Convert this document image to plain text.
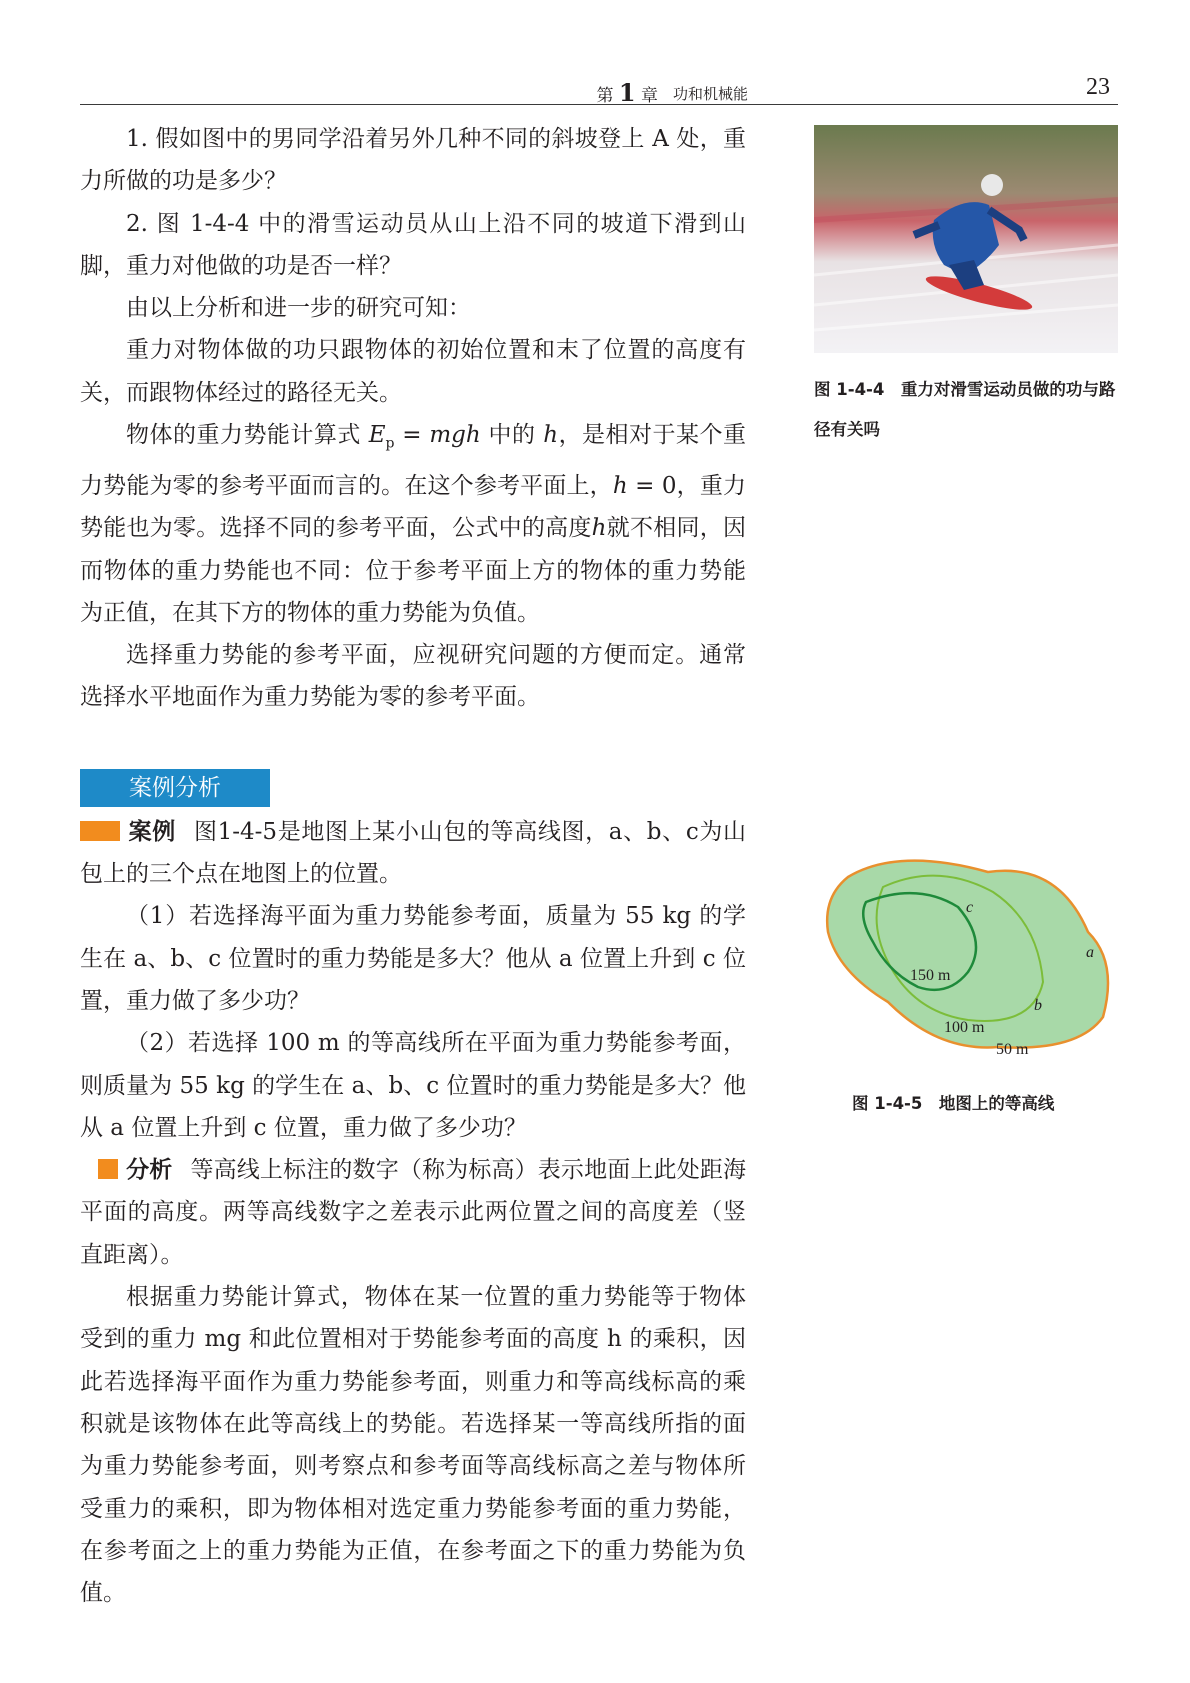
第 1 章 功和机械能	23

1. 假如图中的男同学沿着另外几种不同的斜坡登上 A 处，重力所做的功是多少？

2. 图 1-4-4 中的滑雪运动员从山上沿不同的坡道下滑到山脚，重力对他做的功是否一样？

由以上分析和进一步的研究可知：

重力对物体做的功只跟物体的初始位置和末了位置的高度有关，而跟物体经过的路径无关。

物体的重力势能计算式 $E_p$ = mgh 中的 h，是相对于某个重力势能为零的参考平面而言的。在这个参考平面上，h = 0，重力势能也为零。选择不同的参考平面，公式中的高度h就不相同，因而物体的重力势能也不同：位于参考平面上方的物体的重力势能为正值，在其下方的物体的重力势能为负值。

选择重力势能的参考平面，应视研究问题的方便而定。通常选择水平地面作为重力势能为零的参考平面。

案例分析

案例 图1-4-5是地图上某小山包的等高线图，a、b、c为山包上的三个点在地图上的位置。

（1）若选择海平面为重力势能参考面，质量为 55 kg 的学生在 a、b、c 位置时的重力势能是多大？他从 a 位置上升到 c 位置，重力做了多少功？

（2）若选择 100 m 的等高线所在平面为重力势能参考面，则质量为 55 kg 的学生在 a、b、c 位置时的重力势能是多大？他从 a 位置上升到 c 位置，重力做了多少功？

分析 等高线上标注的数字（称为标高）表示地面上此处距海平面的高度。两等高线数字之差表示此两位置之间的高度差（竖直距离）。

根据重力势能计算式，物体在某一位置的重力势能等于物体受到的重力 mg 和此位置相对于势能参考面的高度 h 的乘积，因此若选择海平面作为重力势能参考面，则重力和等高线标高的乘积就是该物体在此等高线上的势能。若选择某一等高线所指的面为重力势能参考面，则考察点和参考面等高线标高之差与物体所受重力的乘积，即为物体相对选定重力势能参考面的重力势能，在参考面之上的重力势能为正值，在参考面之下的重力势能为负值。

图 1-4-4　重力对滑雪运动员做的功与路径有关吗
c
a
b
150 m
100 m
50 m
图 1-4-5　地图上的等高线
